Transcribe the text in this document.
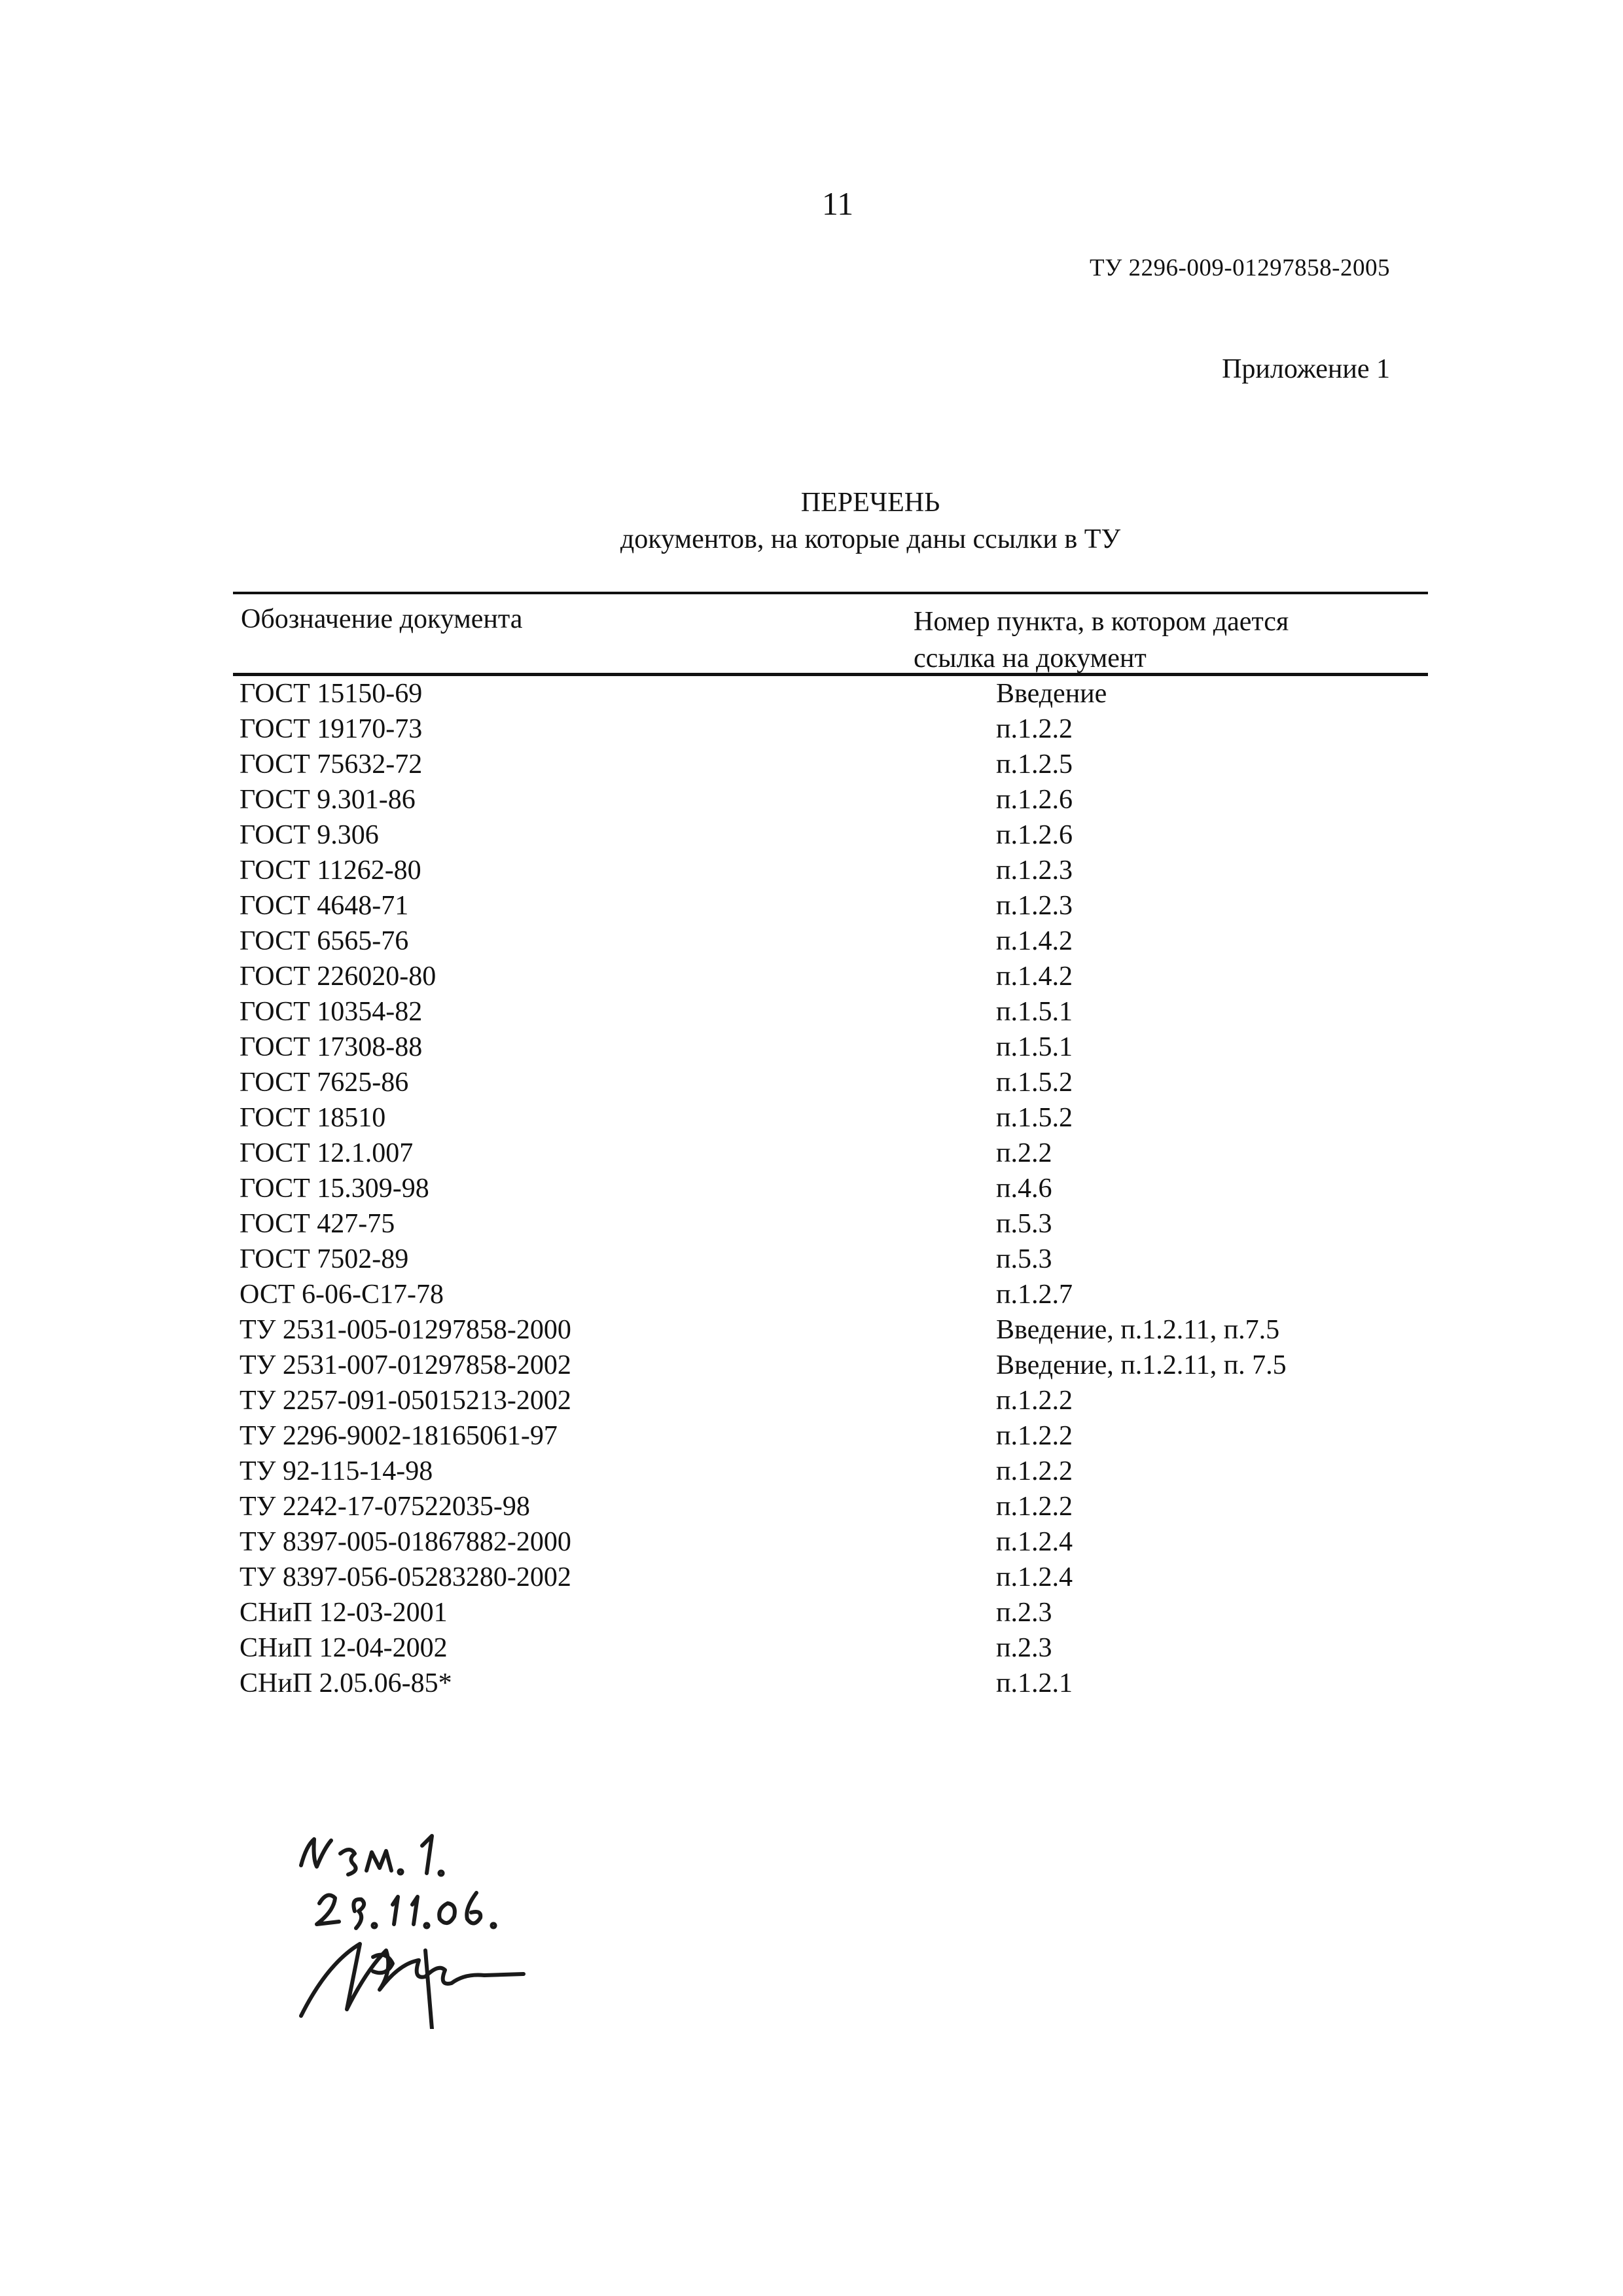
11
ТУ 2296-009-01297858-2005
Приложение 1
ПЕРЕЧЕНЬ
документов, на которые даны ссылки в ТУ
Обозначение документа	Номер пункта, в котором дается
ссылка на документ
ГОСТ 15150-69	Введение
ГОСТ 19170-73	п.1.2.2
ГОСТ 75632-72	п.1.2.5
ГОСТ 9.301-86	п.1.2.6
ГОСТ 9.306	п.1.2.6
ГОСТ 11262-80	п.1.2.3
ГОСТ 4648-71	п.1.2.3
ГОСТ 6565-76	п.1.4.2
ГОСТ 226020-80	п.1.4.2
ГОСТ 10354-82	п.1.5.1
ГОСТ 17308-88	п.1.5.1
ГОСТ 7625-86	п.1.5.2
ГОСТ 18510	п.1.5.2
ГОСТ 12.1.007	п.2.2
ГОСТ 15.309-98	п.4.6
ГОСТ 427-75	п.5.3
ГОСТ 7502-89	п.5.3
ОСТ 6-06-С17-78	п.1.2.7
ТУ 2531-005-01297858-2000	Введение, п.1.2.11, п.7.5
ТУ 2531-007-01297858-2002	Введение, п.1.2.11, п. 7.5
ТУ 2257-091-05015213-2002	п.1.2.2
ТУ 2296-9002-18165061-97	п.1.2.2
ТУ 92-115-14-98	п.1.2.2
ТУ 2242-17-07522035-98	п.1.2.2
ТУ 8397-005-01867882-2000	п.1.2.4
ТУ 8397-056-05283280-2002	п.1.2.4
СНиП 12-03-2001	п.2.3
СНиП 12-04-2002	п.2.3
СНиП 2.05.06-85*	п.1.2.1
